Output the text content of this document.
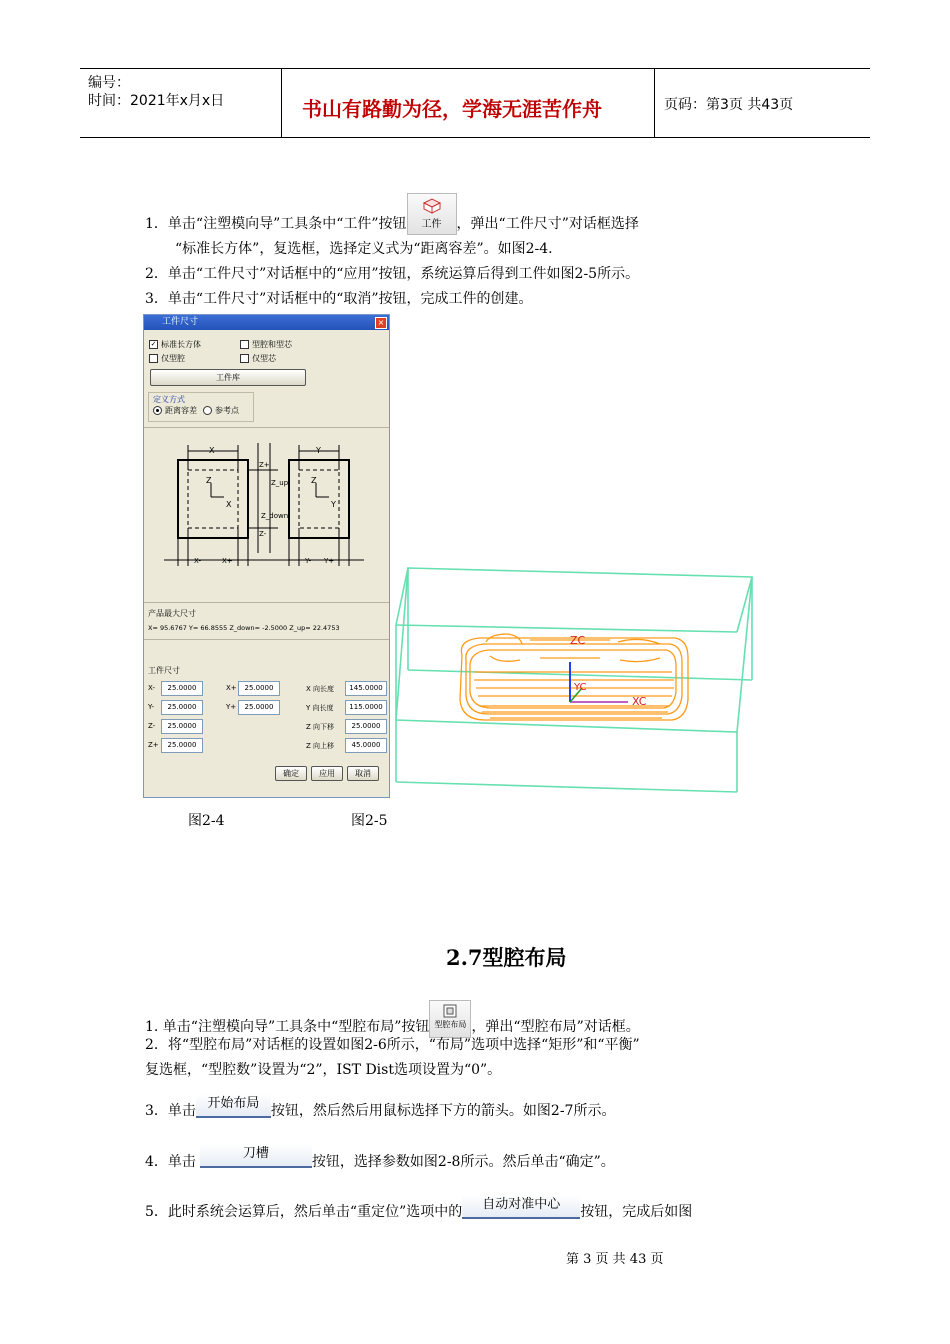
编号：
时间：2021年x月x日	书山有路勤为径，学海无涯苦作舟	页码：第3页 共43页

1．单击“注塑模向导”工具条中“工件”按钮 工件 ，弹出“工件尺寸”对话框选择

“标准长方体”，复选框，选择定义式为“距离容差”。如图2-4.

2．单击“工件尺寸”对话框中的“应用”按钮，系统运算后得到工件如图2-5所示。

3．单击“工件尺寸”对话框中的“取消”按钮，完成工件的创建。

工件尺寸	×
✓ 标准长方体	型腔和型芯
仅型腔	仅型芯
工件库
定义方式
距离容差	参考点
X	Y
Z+
Z_up
Z_down
Z-
Z
X
Z
Y
X-	X+	Y- Y+
产品最大尺寸
X= 95.6767 Y= 66.8555 Z_down= -2.5000 Z_up= 22.4753
工件尺寸
X-	25.0000	X+	25.0000	X 向长度	145.0000
Y-	25.0000	Y+	25.0000	Y 向长度	115.0000
Z-	25.0000	Z 向下移	25.0000
Z+	25.0000	Z 向上移	45.0000
确定	应用	取消
ZC
YC
XC
图2-4	图2-5
2.7型腔布局

1. 单击“注塑模向导”工具条中“型腔布局”按钮 型腔布局 ，弹出“型腔布局”对话框。

2．将“型腔布局”对话框的设置如图2-6所示，“布局”选项中选择“矩形”和“平衡”

复选框，“型腔数”设置为“2”，IST Dist选项设置为“0”。

3．单击 开始布局 按钮，然后然后用鼠标选择下方的箭头。如图2-7所示。

4．单击刀槽按钮，选择参数如图2-8所示。然后单击“确定”。

5．此时系统会运算后，然后单击“重定位”选项中的 自动对准中心 按钮，完成后如图

第 3 页 共 43 页
